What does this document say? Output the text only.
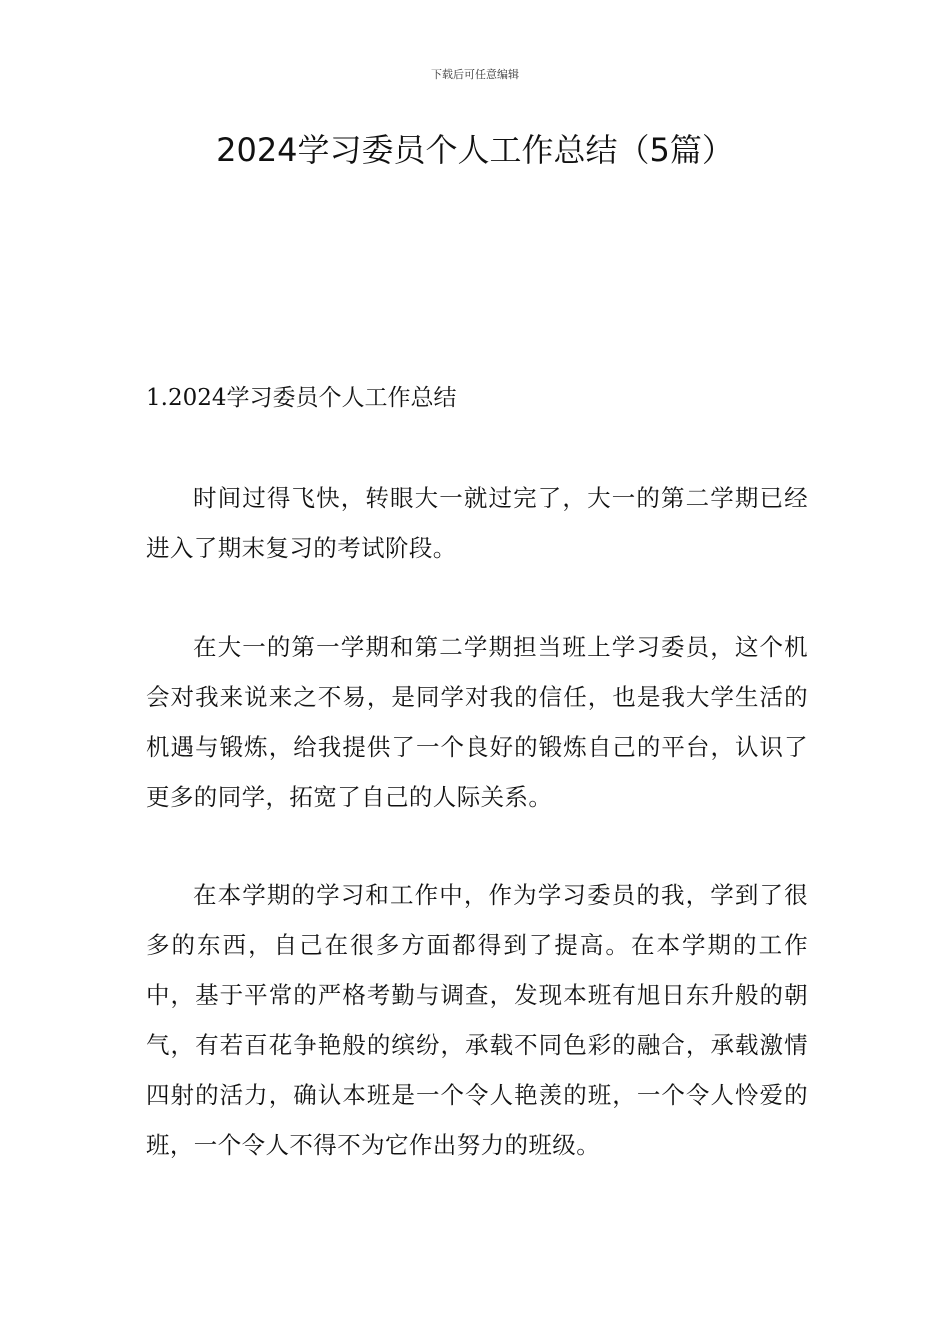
下载后可任意编辑
2024学习委员个人工作总结（5篇）
1.2024学习委员个人工作总结

时间过得飞快，转眼大一就过完了，大一的第二学期已经进入了期末复习的考试阶段。

在大一的第一学期和第二学期担当班上学习委员，这个机会对我来说来之不易，是同学对我的信任，也是我大学生活的机遇与锻炼，给我提供了一个良好的锻炼自己的平台，认识了更多的同学，拓宽了自己的人际关系。

在本学期的学习和工作中，作为学习委员的我，学到了很多的东西，自己在很多方面都得到了提高。在本学期的工作中，基于平常的严格考勤与调查，发现本班有旭日东升般的朝气，有若百花争艳般的缤纷，承载不同色彩的融合，承载激情四射的活力，确认本班是一个令人艳羡的班，一个令人怜爱的班，一个令人不得不为它作出努力的班级。
